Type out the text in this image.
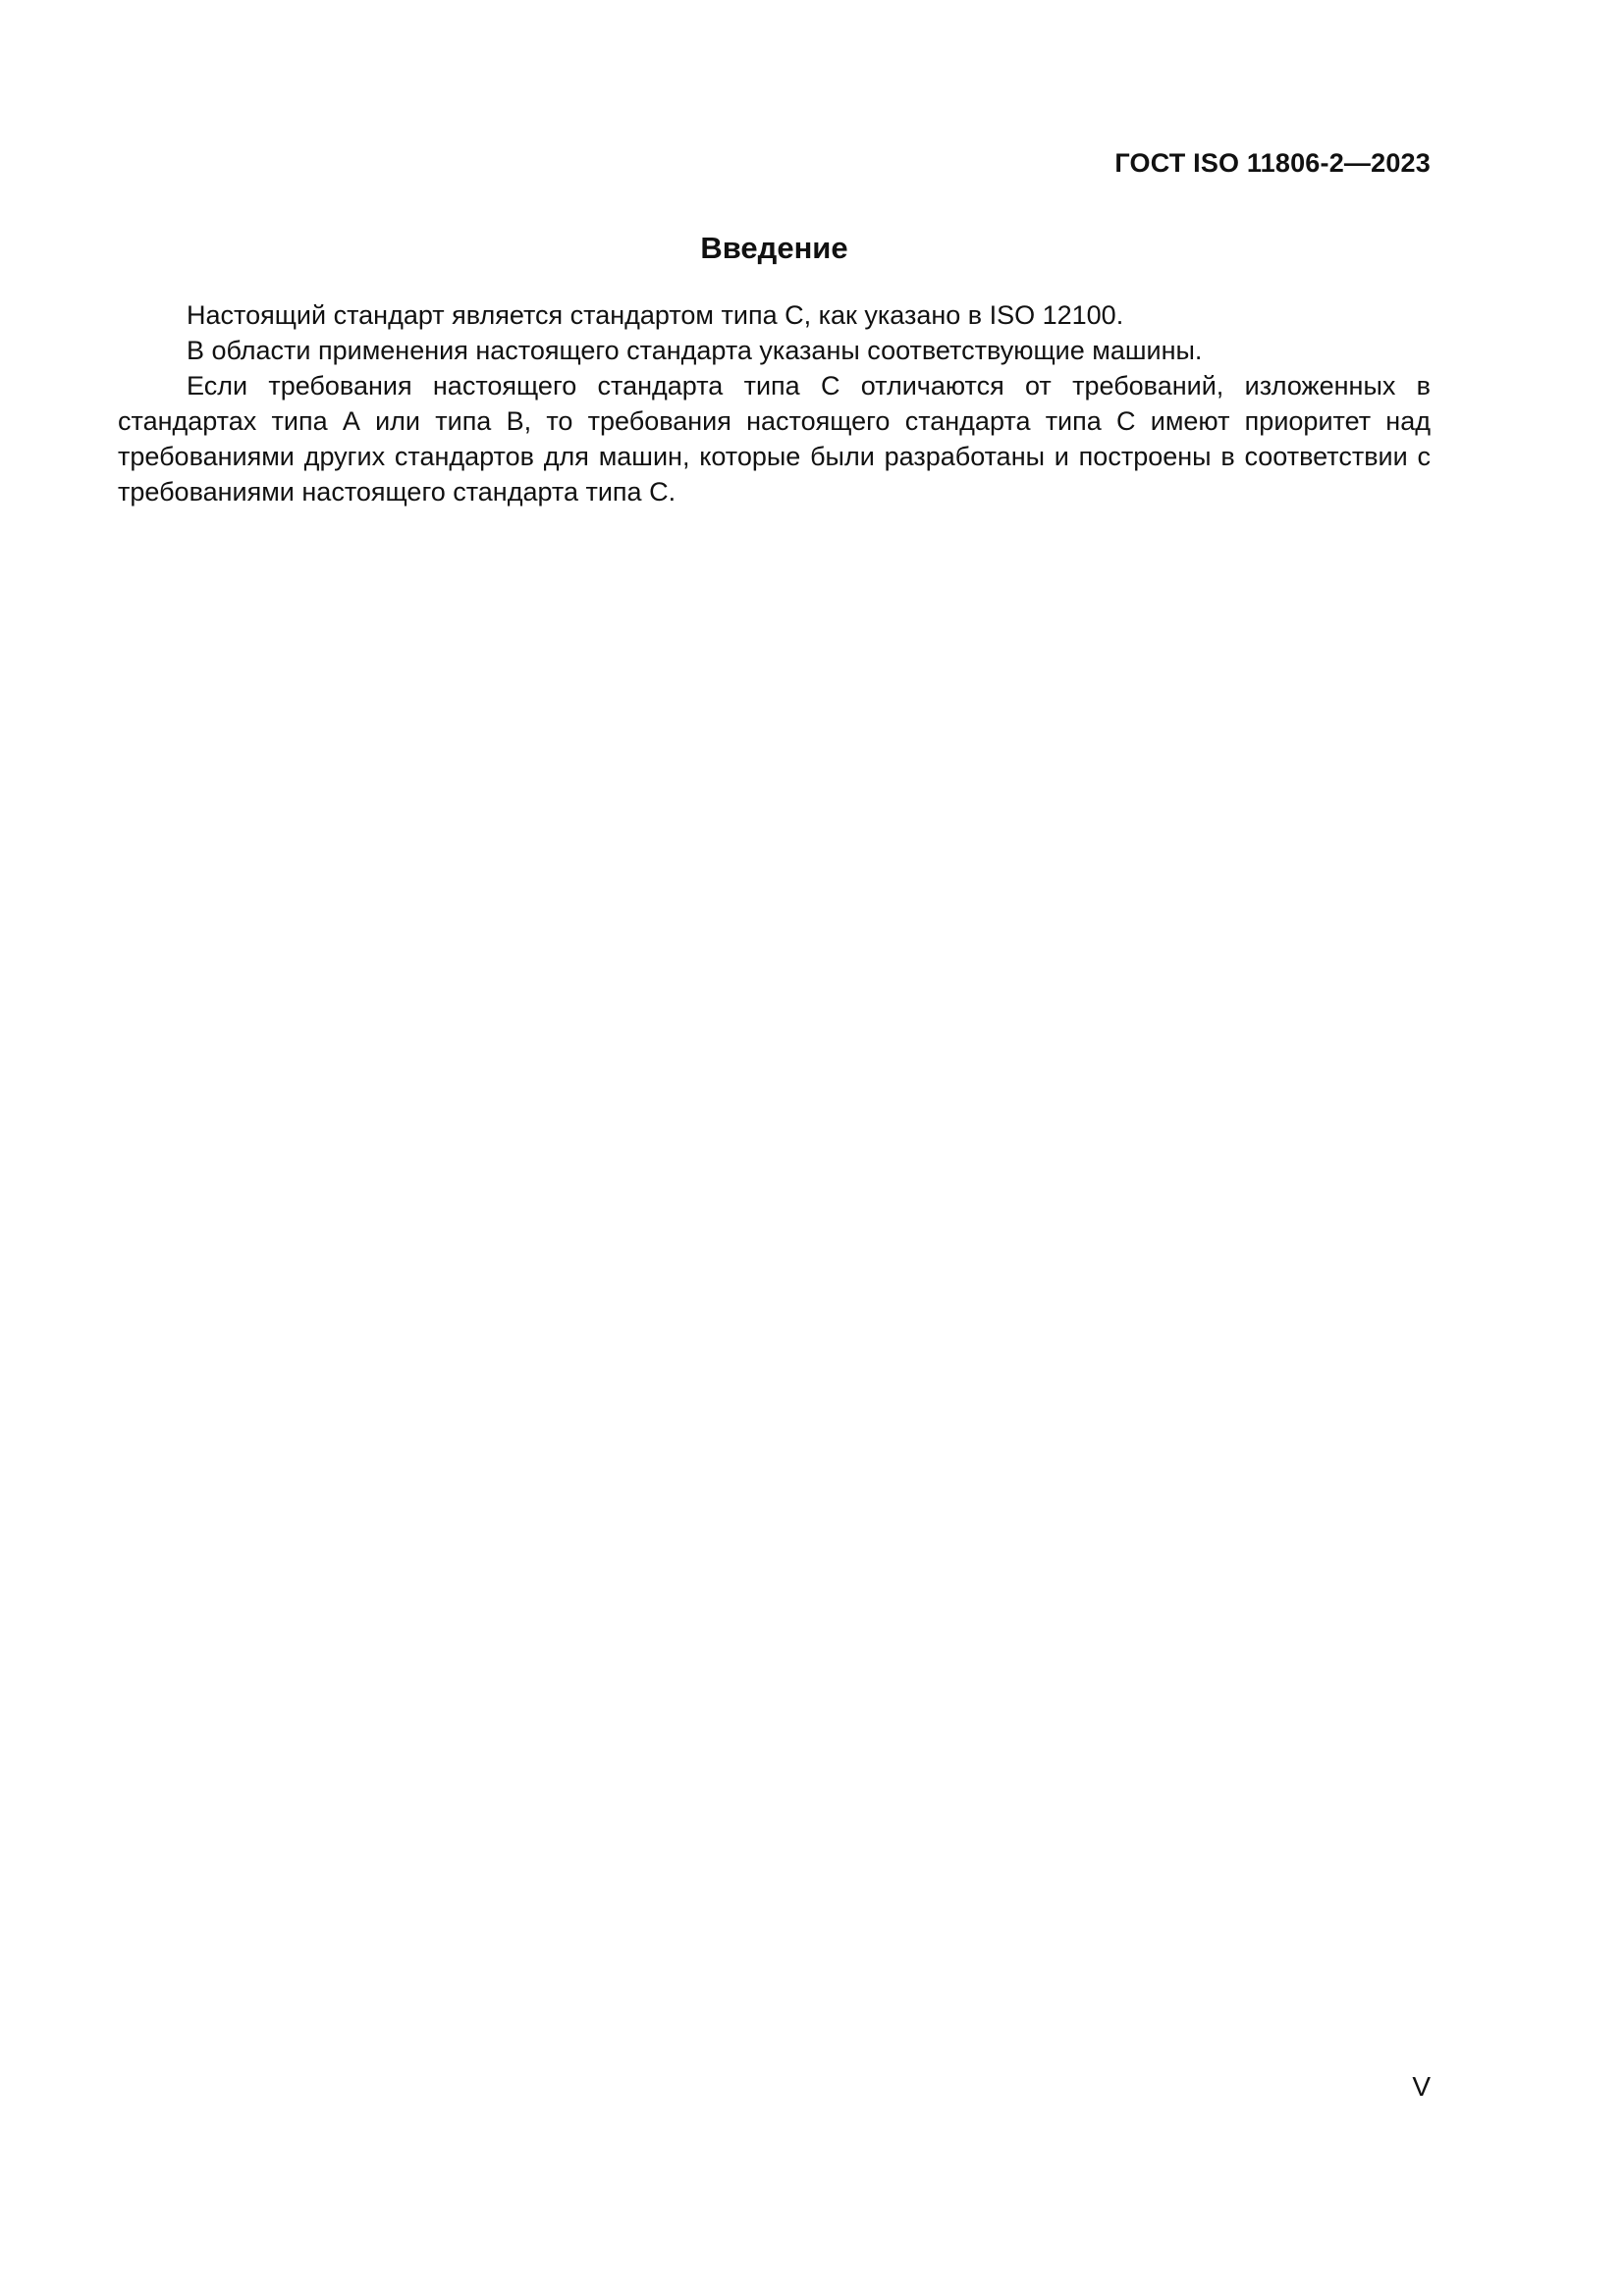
ГОСТ ISO 11806-2—2023
Введение

Настоящий стандарт является стандартом типа С, как указано в ISO 12100.

В области применения настоящего стандарта указаны соответствующие машины.

Если требования настоящего стандарта типа С отличаются от требований, изложенных в стандартах типа А или типа В, то требования настоящего стандарта типа С имеют приоритет над требованиями других стандартов для машин, которые были разработаны и построены в соответствии с требованиями настоящего стандарта типа С.

V
